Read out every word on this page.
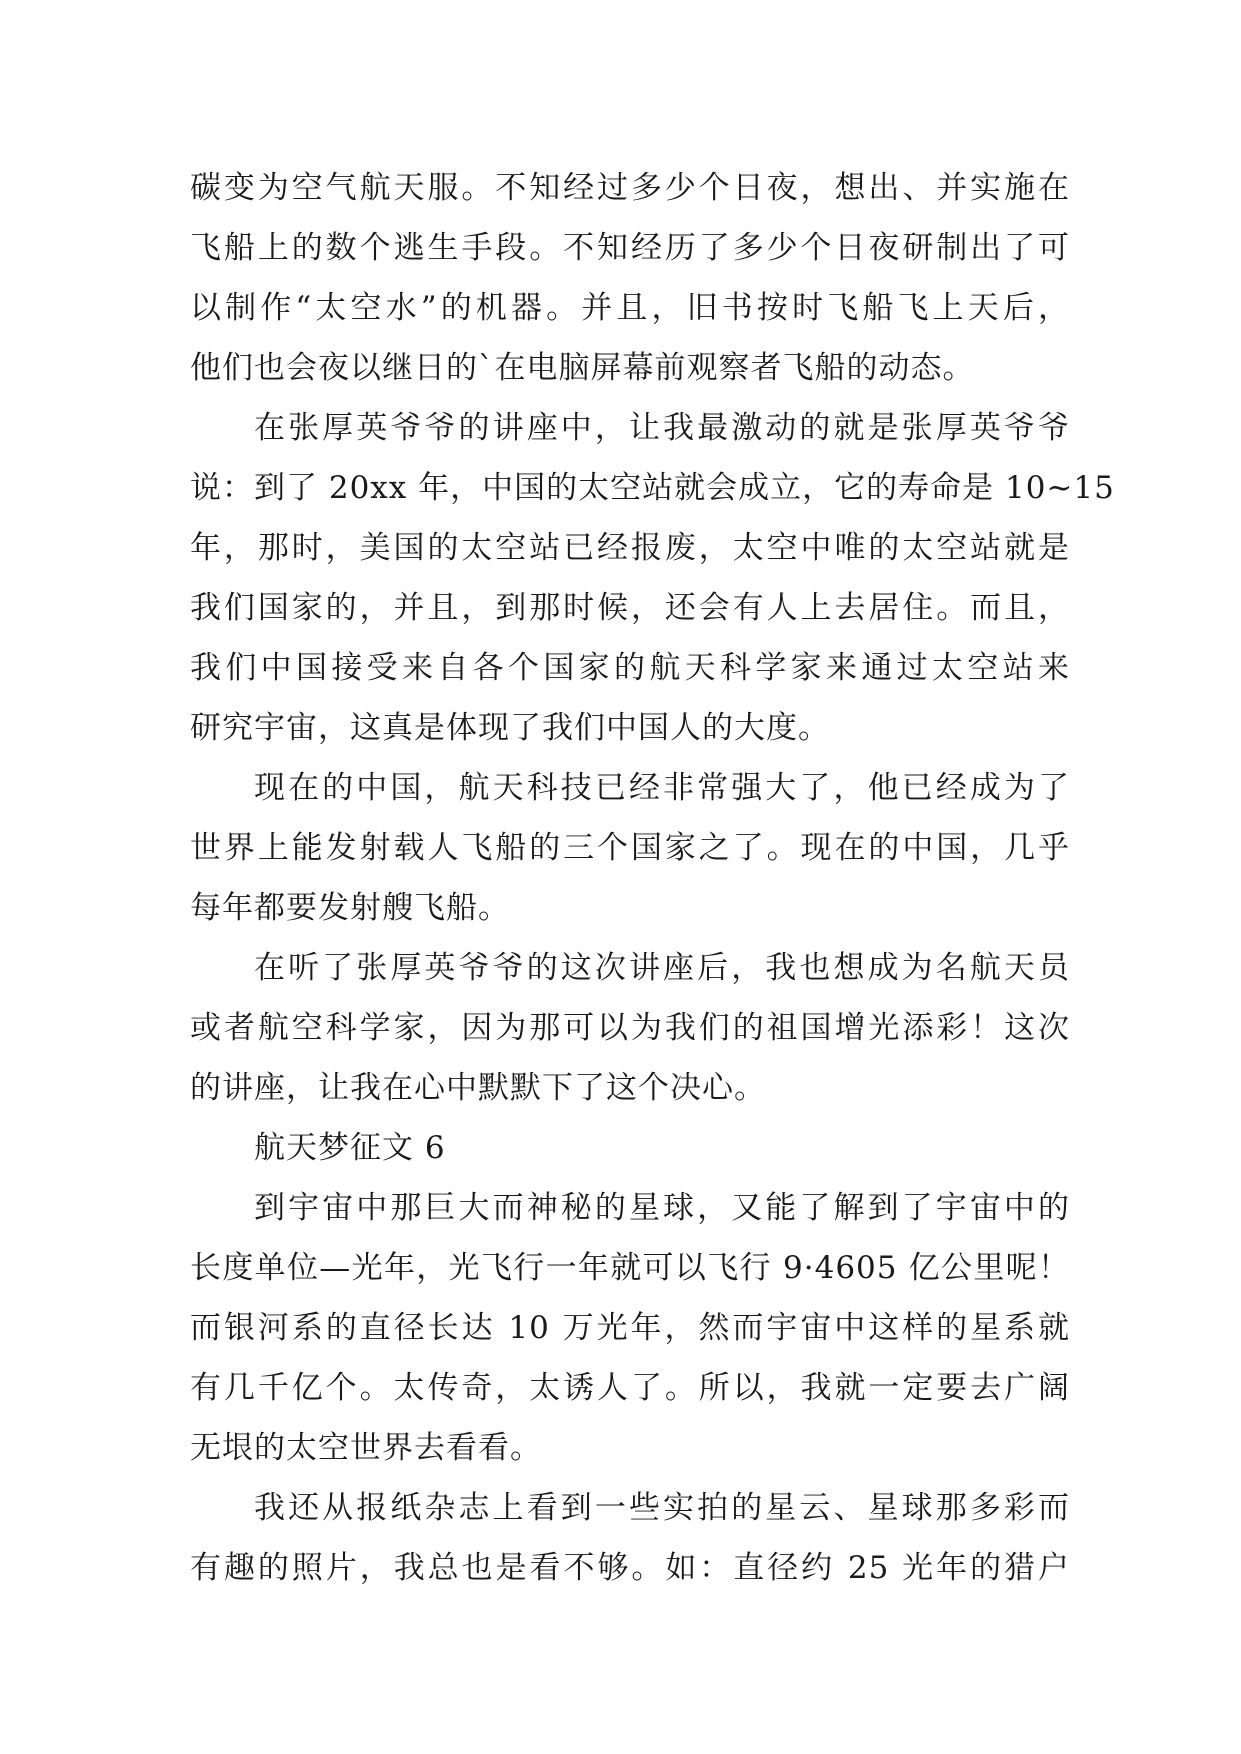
碳变为空气航天服。不知经过多少个日夜，想出、并实施在
飞船上的数个逃生手段。不知经历了多少个日夜研制出了可
以制作“太空水”的机器。并且，旧书按时飞船飞上天后，
他们也会夜以继日的`在电脑屏幕前观察者飞船的动态。
在张厚英爷爷的讲座中，让我最激动的就是张厚英爷爷
说：到了 20xx 年，中国的太空站就会成立，它的寿命是 10~15
年，那时，美国的太空站已经报废，太空中唯的太空站就是
我们国家的，并且，到那时候，还会有人上去居住。而且，
我们中国接受来自各个国家的航天科学家来通过太空站来
研究宇宙，这真是体现了我们中国人的大度。
现在的中国，航天科技已经非常强大了，他已经成为了
世界上能发射载人飞船的三个国家之了。现在的中国，几乎
每年都要发射艘飞船。
在听了张厚英爷爷的这次讲座后，我也想成为名航天员
或者航空科学家，因为那可以为我们的祖国增光添彩！这次
的讲座，让我在心中默默下了这个决心。
航天梦征文 6
到宇宙中那巨大而神秘的星球，又能了解到了宇宙中的
长度单位—光年，光飞行一年就可以飞行 9·4605 亿公里呢！
而银河系的直径长达 10 万光年，然而宇宙中这样的星系就
有几千亿个。太传奇，太诱人了。所以，我就一定要去广阔
无垠的太空世界去看看。
我还从报纸杂志上看到一些实拍的星云、星球那多彩而
有趣的照片，我总也是看不够。如：直径约 25 光年的猎户
